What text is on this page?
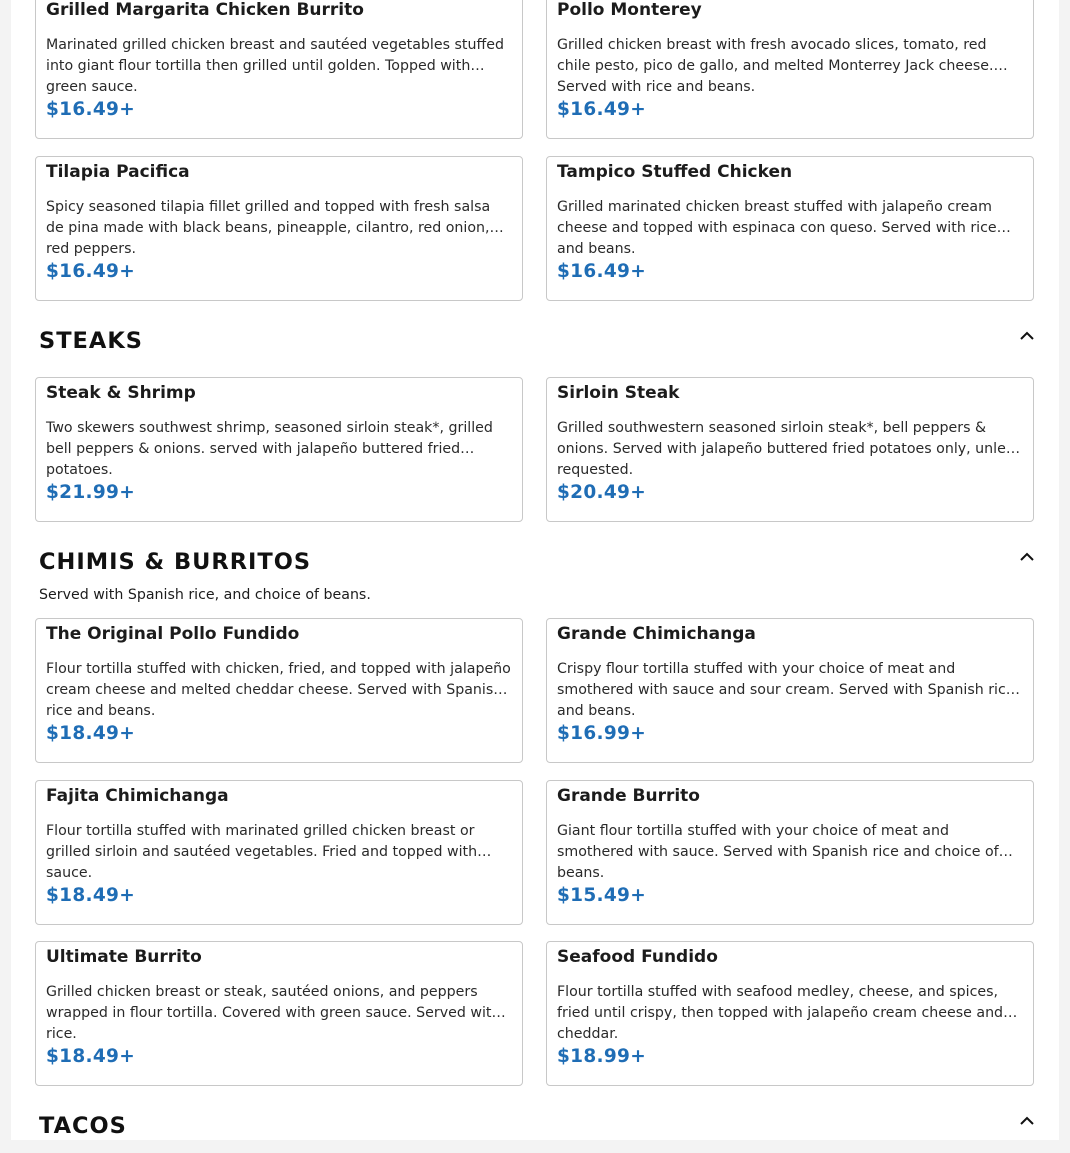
Grilled Margarita Chicken Burrito
Marinated grilled chicken breast and sautéed vegetables stuffed into giant flour tortilla then grilled until golden. Topped with green sauce.
$16.49+
Pollo Monterey
Grilled chicken breast with fresh avocado slices, tomato, red chile pesto, pico de gallo, and melted Monterrey Jack cheese. Served with rice and beans.
$16.49+
Tilapia Pacifica
Spicy seasoned tilapia fillet grilled and topped with fresh salsa de pina made with black beans, pineapple, cilantro, red onion, red peppers.
$16.49+
Tampico Stuffed Chicken
Grilled marinated chicken breast stuffed with jalapeño cream cheese and topped with espinaca con queso. Served with rice and beans.
$16.49+
STEAKS
Steak & Shrimp
Two skewers southwest shrimp, seasoned sirloin steak*, grilled bell peppers & onions. served with jalapeño buttered fried potatoes.
$21.99+
Sirloin Steak
Grilled southwestern seasoned sirloin steak*, bell peppers & onions. Served with jalapeño buttered fried potatoes only, unless requested.
$20.49+
CHIMIS & BURRITOS
Served with Spanish rice, and choice of beans.
The Original Pollo Fundido
Flour tortilla stuffed with chicken, fried, and topped with jalapeño cream cheese and melted cheddar cheese. Served with Spanish rice and beans.
$18.49+
Grande Chimichanga
Crispy flour tortilla stuffed with your choice of meat and smothered with sauce and sour cream. Served with Spanish rice and beans.
$16.99+
Fajita Chimichanga
Flour tortilla stuffed with marinated grilled chicken breast or grilled sirloin and sautéed vegetables. Fried and topped with sauce.
$18.49+
Grande Burrito
Giant flour tortilla stuffed with your choice of meat and smothered with sauce. Served with Spanish rice and choice of beans.
$15.49+
Ultimate Burrito
Grilled chicken breast or steak, sautéed onions, and peppers wrapped in flour tortilla. Covered with green sauce. Served with rice.
$18.49+
Seafood Fundido
Flour tortilla stuffed with seafood medley, cheese, and spices, fried until crispy, then topped with jalapeño cream cheese and cheddar.
$18.99+
TACOS
